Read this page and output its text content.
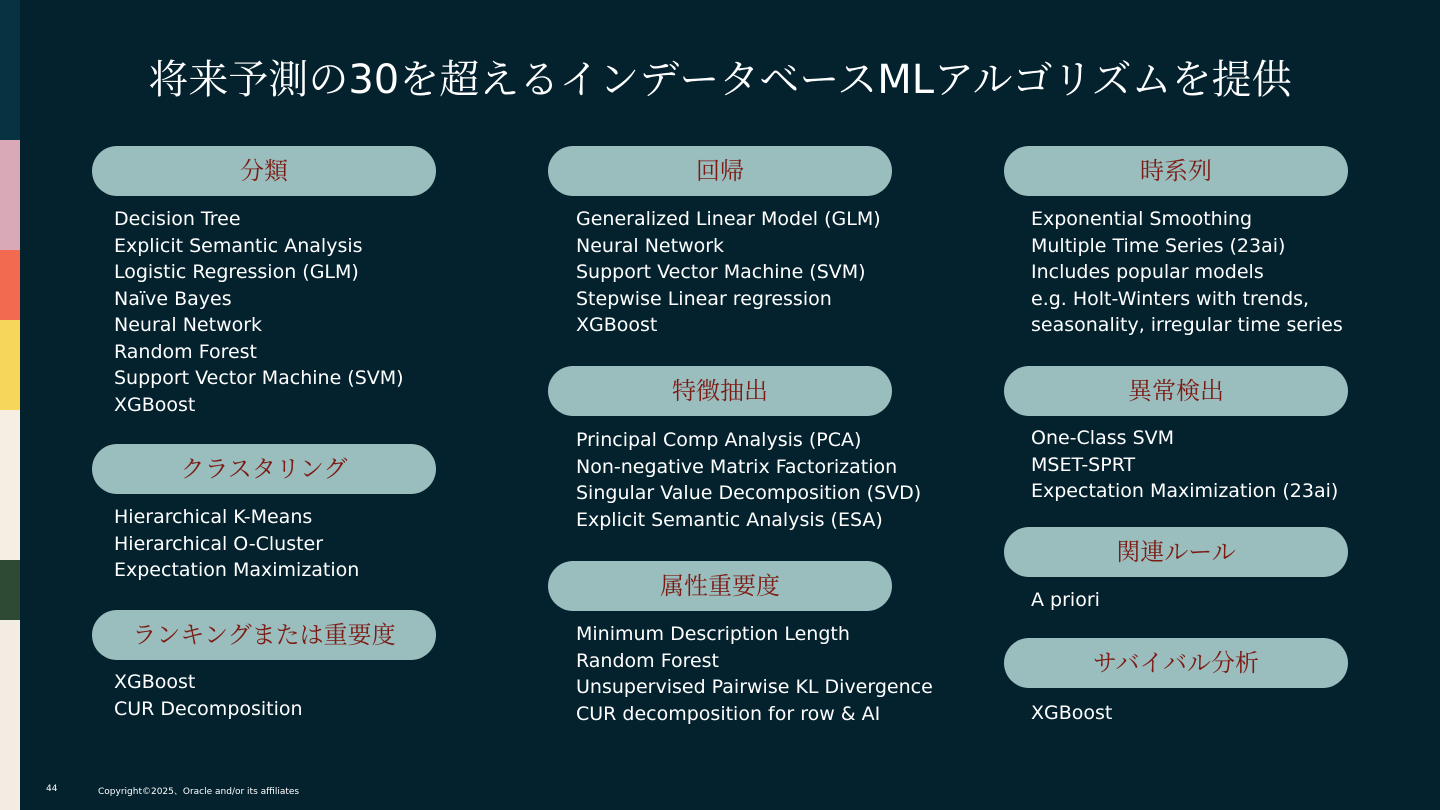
将来予測の30を超えるインデータベースMLアルゴリズムを提供
分類
Decision Tree
Explicit Semantic Analysis
Logistic Regression (GLM)
Naïve Bayes
Neural Network
Random Forest
Support Vector Machine (SVM)
XGBoost
クラスタリング
Hierarchical K-Means
Hierarchical O-Cluster
Expectation Maximization
ランキングまたは重要度
XGBoost
CUR Decomposition
回帰
Generalized Linear Model (GLM)
Neural Network
Support Vector Machine (SVM)
Stepwise Linear regression
XGBoost
特徴抽出
Principal Comp Analysis (PCA)
Non-negative Matrix Factorization
Singular Value Decomposition (SVD)
Explicit Semantic Analysis (ESA)
属性重要度
Minimum Description Length
Random Forest
Unsupervised Pairwise KL Divergence
CUR decomposition for row & AI
時系列
Exponential Smoothing
Multiple Time Series (23ai)
Includes popular models
e.g. Holt-Winters with trends,
seasonality, irregular time series
異常検出
One-Class SVM
MSET-SPRT
Expectation Maximization (23ai)
関連ルール
A priori
サバイバル分析
XGBoost
44	Copyright©2025、Oracle and/or its affiliates
